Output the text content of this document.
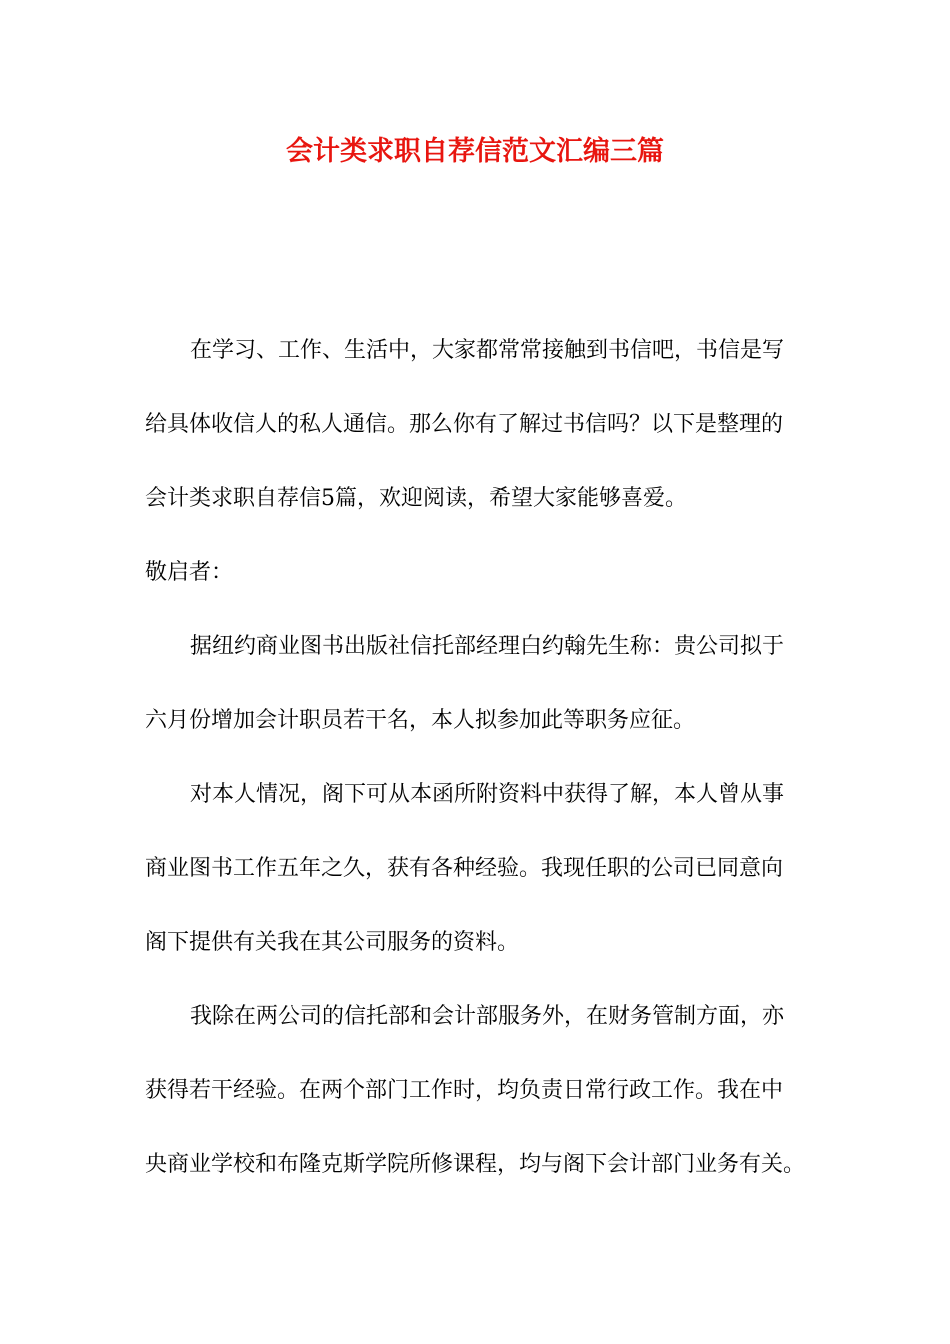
会计类求职自荐信范文汇编三篇
在学习、工作、生活中，大家都常常接触到书信吧，书信是写
给具体收信人的私人通信。那么你有了解过书信吗？以下是整理的
会计类求职自荐信5篇，欢迎阅读，希望大家能够喜爱。
敬启者：
据纽约商业图书出版社信托部经理白约翰先生称：贵公司拟于
六月份增加会计职员若干名，本人拟参加此等职务应征。
对本人情况，阁下可从本函所附资料中获得了解，本人曾从事
商业图书工作五年之久，获有各种经验。我现任职的公司已同意向
阁下提供有关我在其公司服务的资料。
我除在两公司的信托部和会计部服务外，在财务管制方面，亦
获得若干经验。在两个部门工作时，均负责日常行政工作。我在中
央商业学校和布隆克斯学院所修课程，均与阁下会计部门业务有关。
